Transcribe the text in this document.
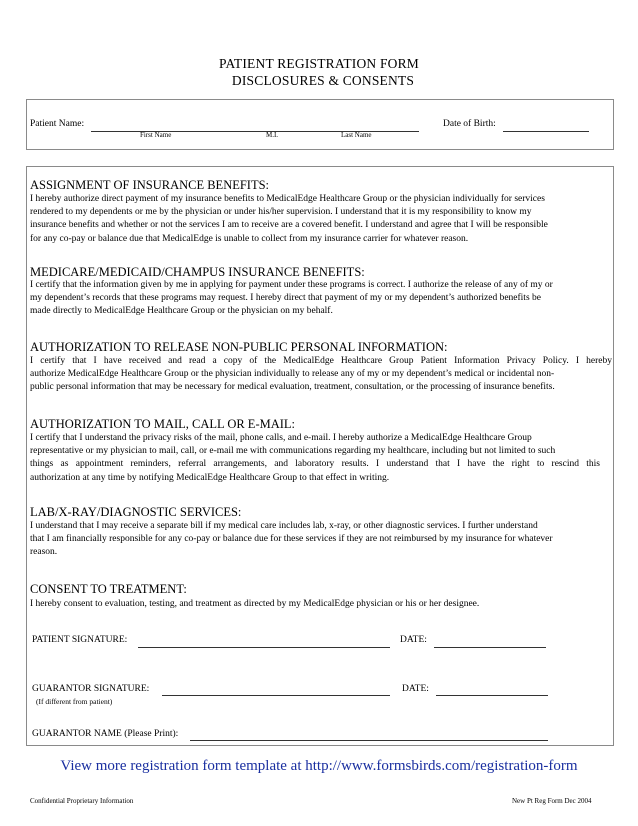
PATIENT REGISTRATION FORM
DISCLOSURES & CONSENTS
Patient Name:	Date of Birth:
First Name	M.I.	Last Name
ASSIGNMENT OF INSURANCE BENEFITS:
I hereby authorize direct payment of my insurance benefits to MedicalEdge Healthcare Group or the physician individually for services
rendered to my dependents or me by the physician or under his/her supervision. I understand that it is my responsibility to know my
insurance benefits and whether or not the services I am to receive are a covered benefit. I understand and agree that I will be responsible
for any co-pay or balance due that MedicalEdge is unable to collect from my insurance carrier for whatever reason.
MEDICARE/MEDICAID/CHAMPUS INSURANCE BENEFITS:
I certify that the information given by me in applying for payment under these programs is correct. I authorize the release of any of my or
my dependent’s records that these programs may request. I hereby direct that payment of my or my dependent’s authorized benefits be
made directly to MedicalEdge Healthcare Group or the physician on my behalf.
AUTHORIZATION TO RELEASE NON-PUBLIC PERSONAL INFORMATION:
I certify that I have received and read a copy of the MedicalEdge Healthcare Group Patient Information Privacy Policy. I hereby
authorize MedicalEdge Healthcare Group or the physician individually to release any of my or my dependent’s medical or incidental non-
public personal information that may be necessary for medical evaluation, treatment, consultation, or the processing of insurance benefits.
AUTHORIZATION TO MAIL, CALL OR E-MAIL:
I certify that I understand the privacy risks of the mail, phone calls, and e-mail. I hereby authorize a MedicalEdge Healthcare Group
representative or my physician to mail, call, or e-mail me with communications regarding my healthcare, including but not limited to such
things as appointment reminders, referral arrangements, and laboratory results. I understand that I have the right to rescind this
authorization at any time by notifying MedicalEdge Healthcare Group to that effect in writing.
LAB/X-RAY/DIAGNOSTIC SERVICES:
I understand that I may receive a separate bill if my medical care includes lab, x-ray, or other diagnostic services. I further understand
that I am financially responsible for any co-pay or balance due for these services if they are not reimbursed by my insurance for whatever
reason.
CONSENT TO TREATMENT:
I hereby consent to evaluation, testing, and treatment as directed by my MedicalEdge physician or his or her designee.
PATIENT SIGNATURE:	DATE:
GUARANTOR SIGNATURE:	DATE:
(If different from patient)
GUARANTOR NAME (Please Print):
View more registration form template at http://www.formsbirds.com/registration-form
Confidential Proprietary Information	New Pt Reg Form Dec 2004
